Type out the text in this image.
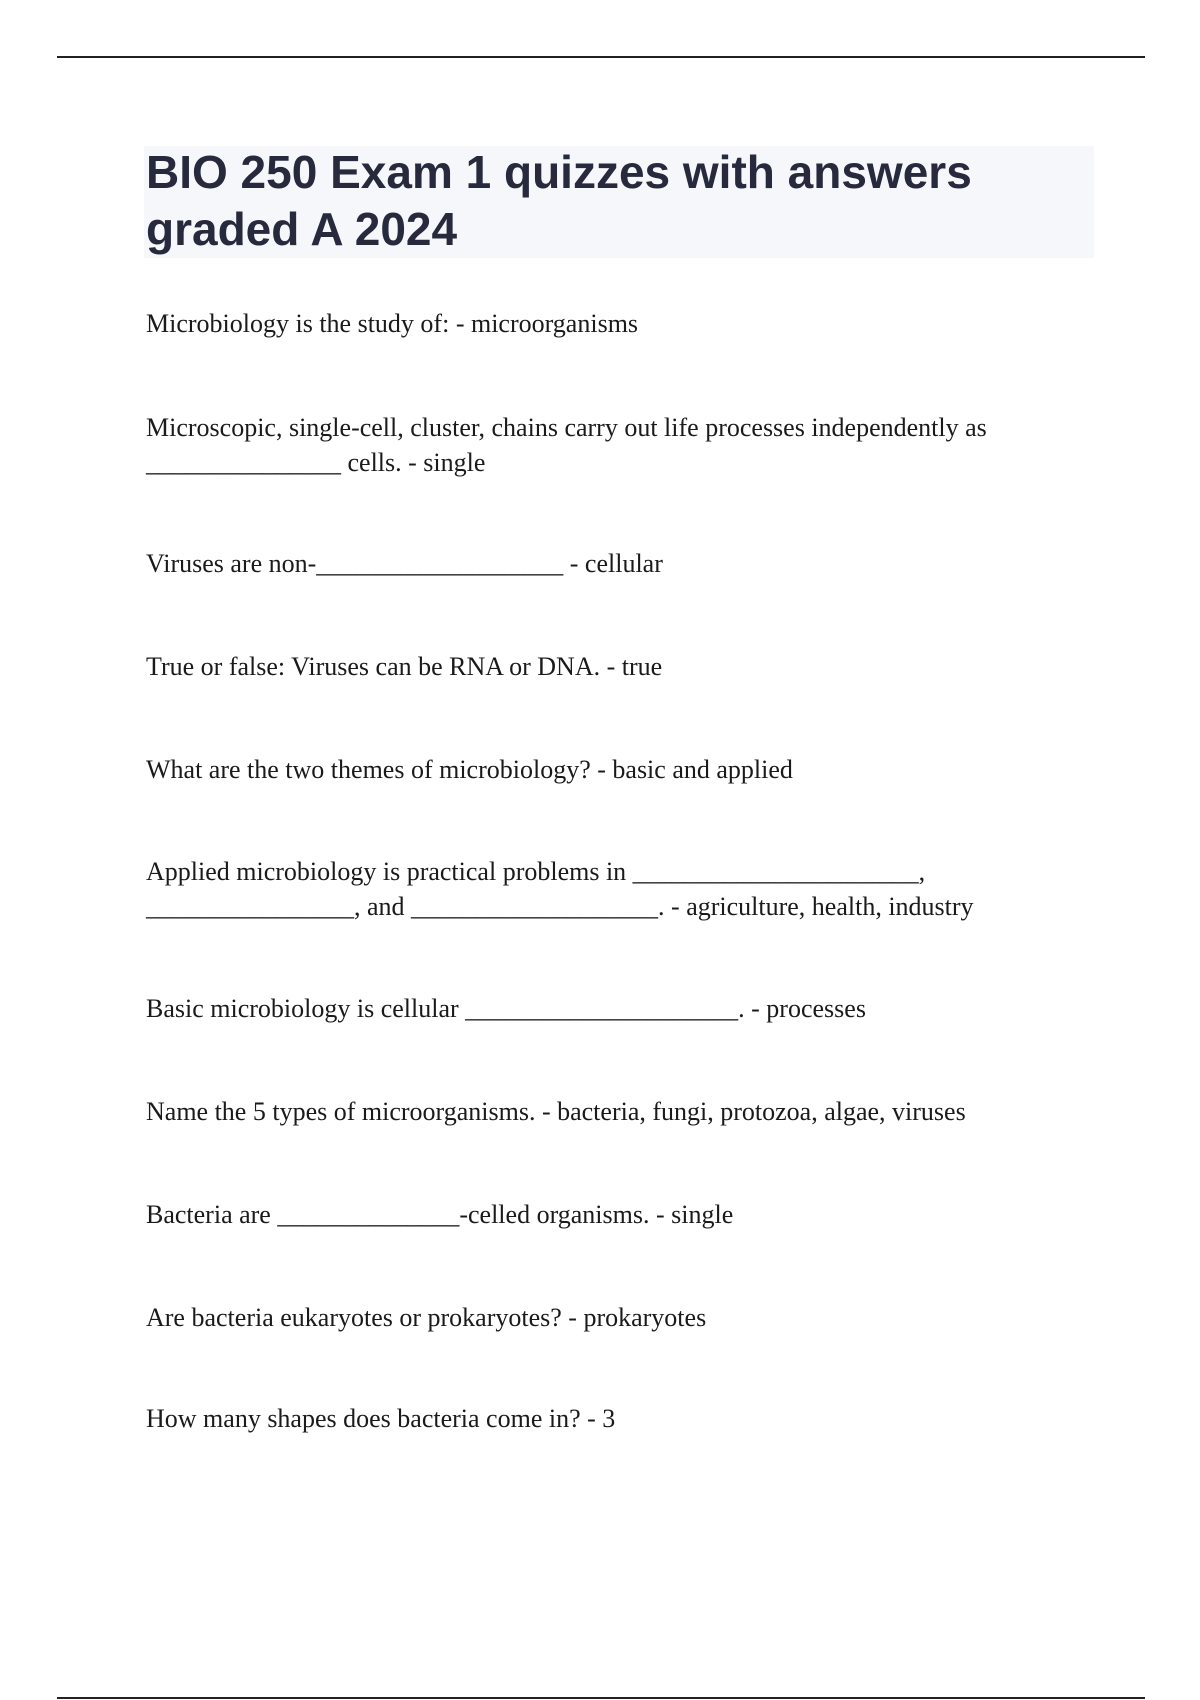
BIO 250 Exam 1 quizzes with answers graded A 2024
Microbiology is the study of: - microorganisms
Microscopic, single-cell, cluster, chains carry out life processes independently as _______________ cells. - single
Viruses are non-___________________ - cellular
True or false: Viruses can be RNA or DNA. - true
What are the two themes of microbiology? - basic and applied
Applied microbiology is practical problems in ______________________, ________________, and ___________________. - agriculture, health, industry
Basic microbiology is cellular _____________________. - processes
Name the 5 types of microorganisms. - bacteria, fungi, protozoa, algae, viruses
Bacteria are ______________-celled organisms. - single
Are bacteria eukaryotes or prokaryotes? - prokaryotes
How many shapes does bacteria come in? - 3
